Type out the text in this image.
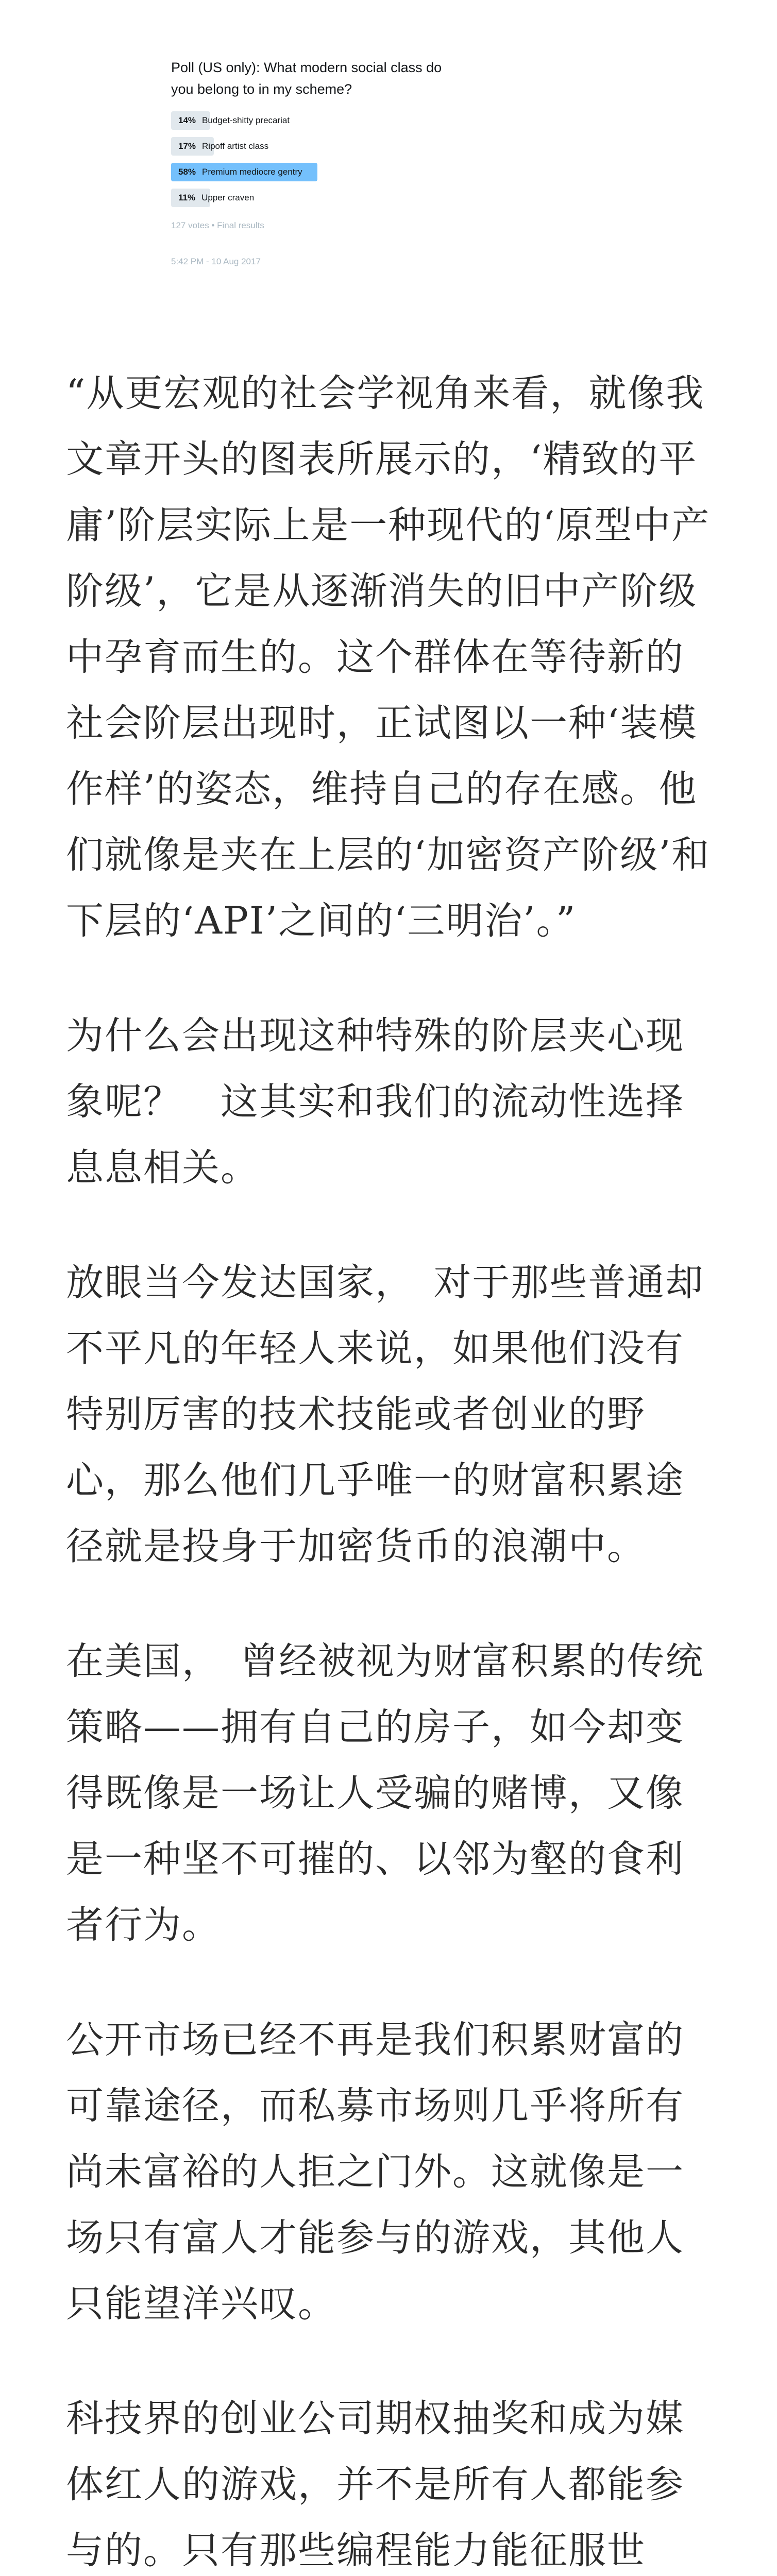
Poll (US only): What modern social class do you belong to in my scheme?
14% Budget-shitty precariat
17% Ripoff artist class
58% Premium mediocre gentry
11% Upper craven
127 votes • Final results
5:42 PM - 10 Aug 2017

“从更宏观的社会学视角来看，就像我文章开头的图表所展示的，‘精致的平庸’阶层实际上是一种现代的‘原型中产阶级’，它是从逐渐消失的旧中产阶级中孕育而生的。这个群体在等待新的社会阶层出现时，正试图以一种‘装模作样’的姿态，维持自己的存在感。他们就像是夹在上层的‘加密资产阶级’和下层的‘API’之间的‘三明治’。”

为什么会出现这种特殊的阶层夹心现象呢？　这其实和我们的流动性选择息息相关。

放眼当今发达国家，　对于那些普通却不平凡的年轻人来说，如果他们没有特别厉害的技术技能或者创业的野心，那么他们几乎唯一的财富积累途径就是投身于加密货币的浪潮中。

在美国，　曾经被视为财富积累的传统策略——拥有自己的房子，如今却变得既像是一场让人受骗的赌博，又像是一种坚不可摧的、以邻为壑的食利者行为。

公开市场已经不再是我们积累财富的可靠途径，而私募市场则几乎将所有尚未富裕的人拒之门外。这就像是一场只有富人才能参与的游戏，其他人只能望洋兴叹。

科技界的创业公司期权抽奖和成为媒体红人的游戏，并不是所有人都能参与的。只有那些编程能力能征服世
